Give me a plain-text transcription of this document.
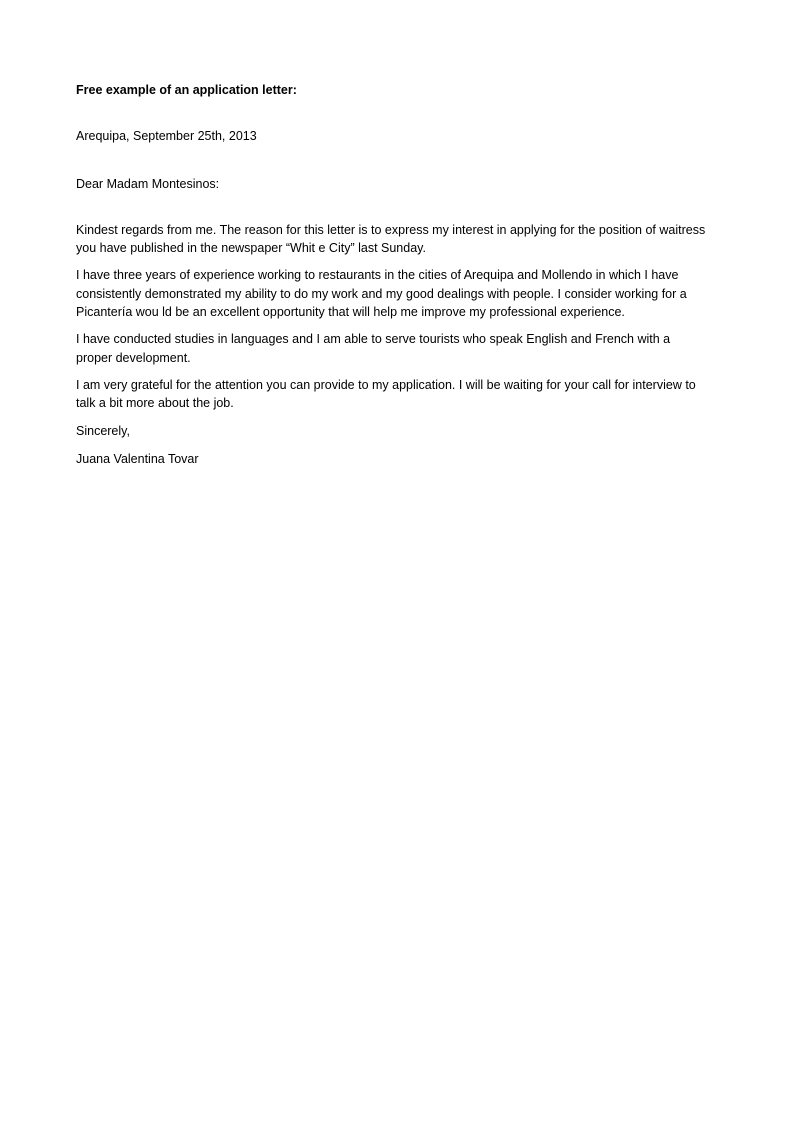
Free example of an application letter:
Arequipa, September 25th, 2013
Dear Madam Montesinos:
Kindest regards from me. The reason for this letter is to express my interest in applying for the position of waitress you have published in the newspaper “Whit e City” last Sunday.
I have three years of experience working to restaurants in the cities of Arequipa and Mollendo in which I have consistently demonstrated my ability to do my work and my good dealings with people. I consider working for a Picantería wou ld be an excellent opportunity that will help me improve my professional experience.
I have conducted studies in languages and I am able to serve tourists who speak English and French with a proper development.
I am very grateful for the attention you can provide to my application. I will be waiting for your call for interview to talk a bit more about the job.
Sincerely,
Juana Valentina Tovar
